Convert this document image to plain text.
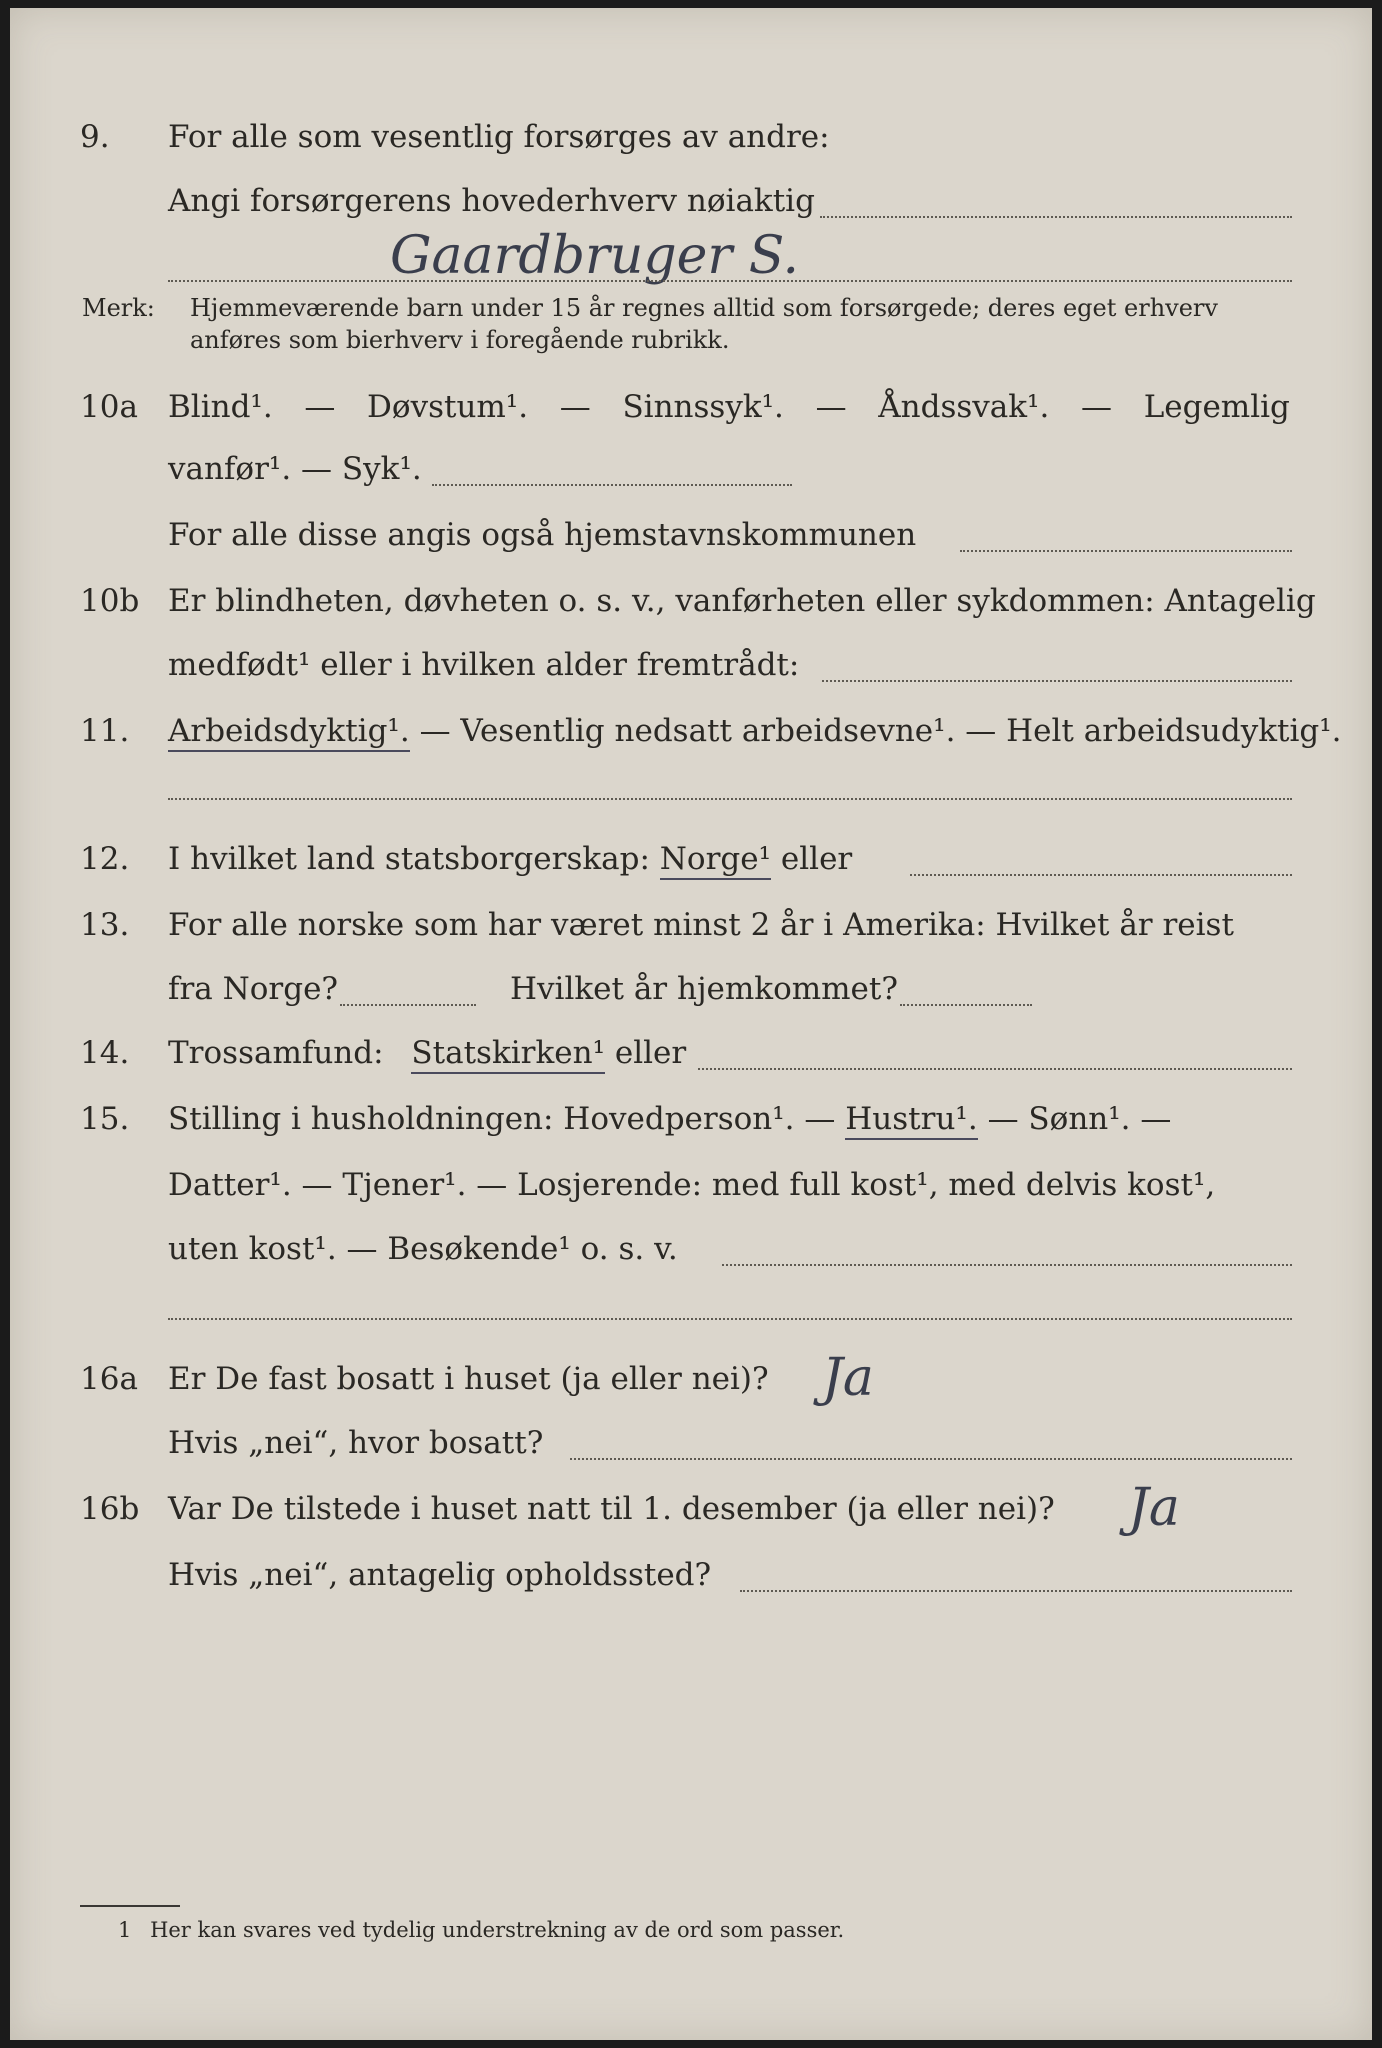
9. For alle som vesentlig forsørges av andre:
Angi forsørgerens hovederhverv nøiaktig
Gaardbruger S.
Merk: Hjemmeværende barn under 15 år regnes alltid som forsørgede; deres eget erhverv
anføres som bierhverv i foregående rubrikk.
10a Blind¹. — Døvstum¹. — Sinnssyk¹. — Åndssvak¹. — Legemlig
vanfør¹. — Syk¹.
For alle disse angis også hjemstavnskommunen
10b Er blindheten, døvheten o. s. v., vanførheten eller sykdommen: Antagelig
medfødt¹ eller i hvilken alder fremtrådt:
11. Arbeidsdyktig¹. — Vesentlig nedsatt arbeidsevne¹. — Helt arbeidsudyktig¹.
12. I hvilket land statsborgerskap: Norge¹ eller
13. For alle norske som har været minst 2 år i Amerika: Hvilket år reist
fra Norge?	Hvilket år hjemkommet?
14. Trossamfund: Statskirken¹ eller
15. Stilling i husholdningen: Hovedperson¹. — Hustru¹. — Sønn¹. —
Datter¹. — Tjener¹. — Losjerende: med full kost¹, med delvis kost¹,
uten kost¹. — Besøkende¹ o. s. v.
16a Er De fast bosatt i huset (ja eller nei)? Ja
Hvis „nei“, hvor bosatt?
16b Var De tilstede i huset natt til 1. desember (ja eller nei)? Ja
Hvis „nei“, antagelig opholdssted?
1 Her kan svares ved tydelig understrekning av de ord som passer.
